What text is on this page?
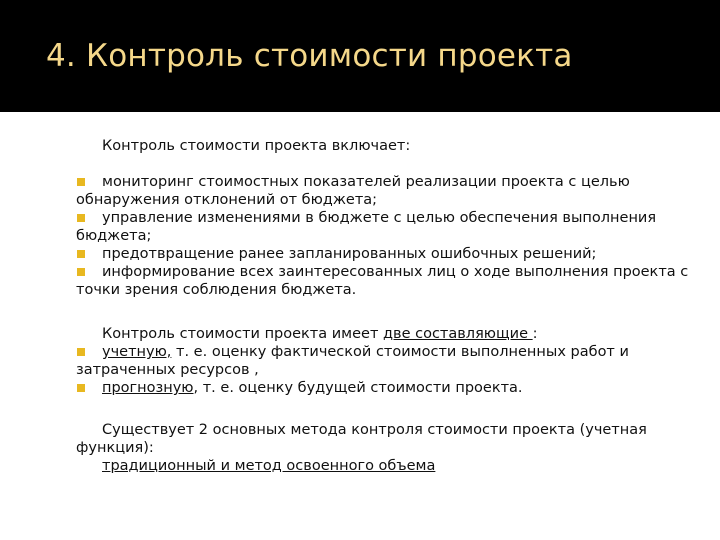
4. Контроль стоимости проекта

Контроль стоимости проекта включает:

мониторинг стоимостных показателей реализации проекта с целью обнаружения отклонений от бюджета;

управление изменениями в бюджете с целью обеспечения выполнения бюджета;

предотвращение ранее запланированных ошибочных решений;

информирование всех заинтересованных лиц о ходе выполнения проекта с точки зрения соблюдения бюджета.

Контроль стоимости проекта имеет две составляющие :

учетную, т. е. оценку фактической стоимости выполненных работ и затраченных ресурсов ,

прогнозную, т. е. оценку будущей стоимости проекта.

Существует 2 основных метода контроля стоимости проекта (учетная функция):

традиционный и метод освоенного объема
